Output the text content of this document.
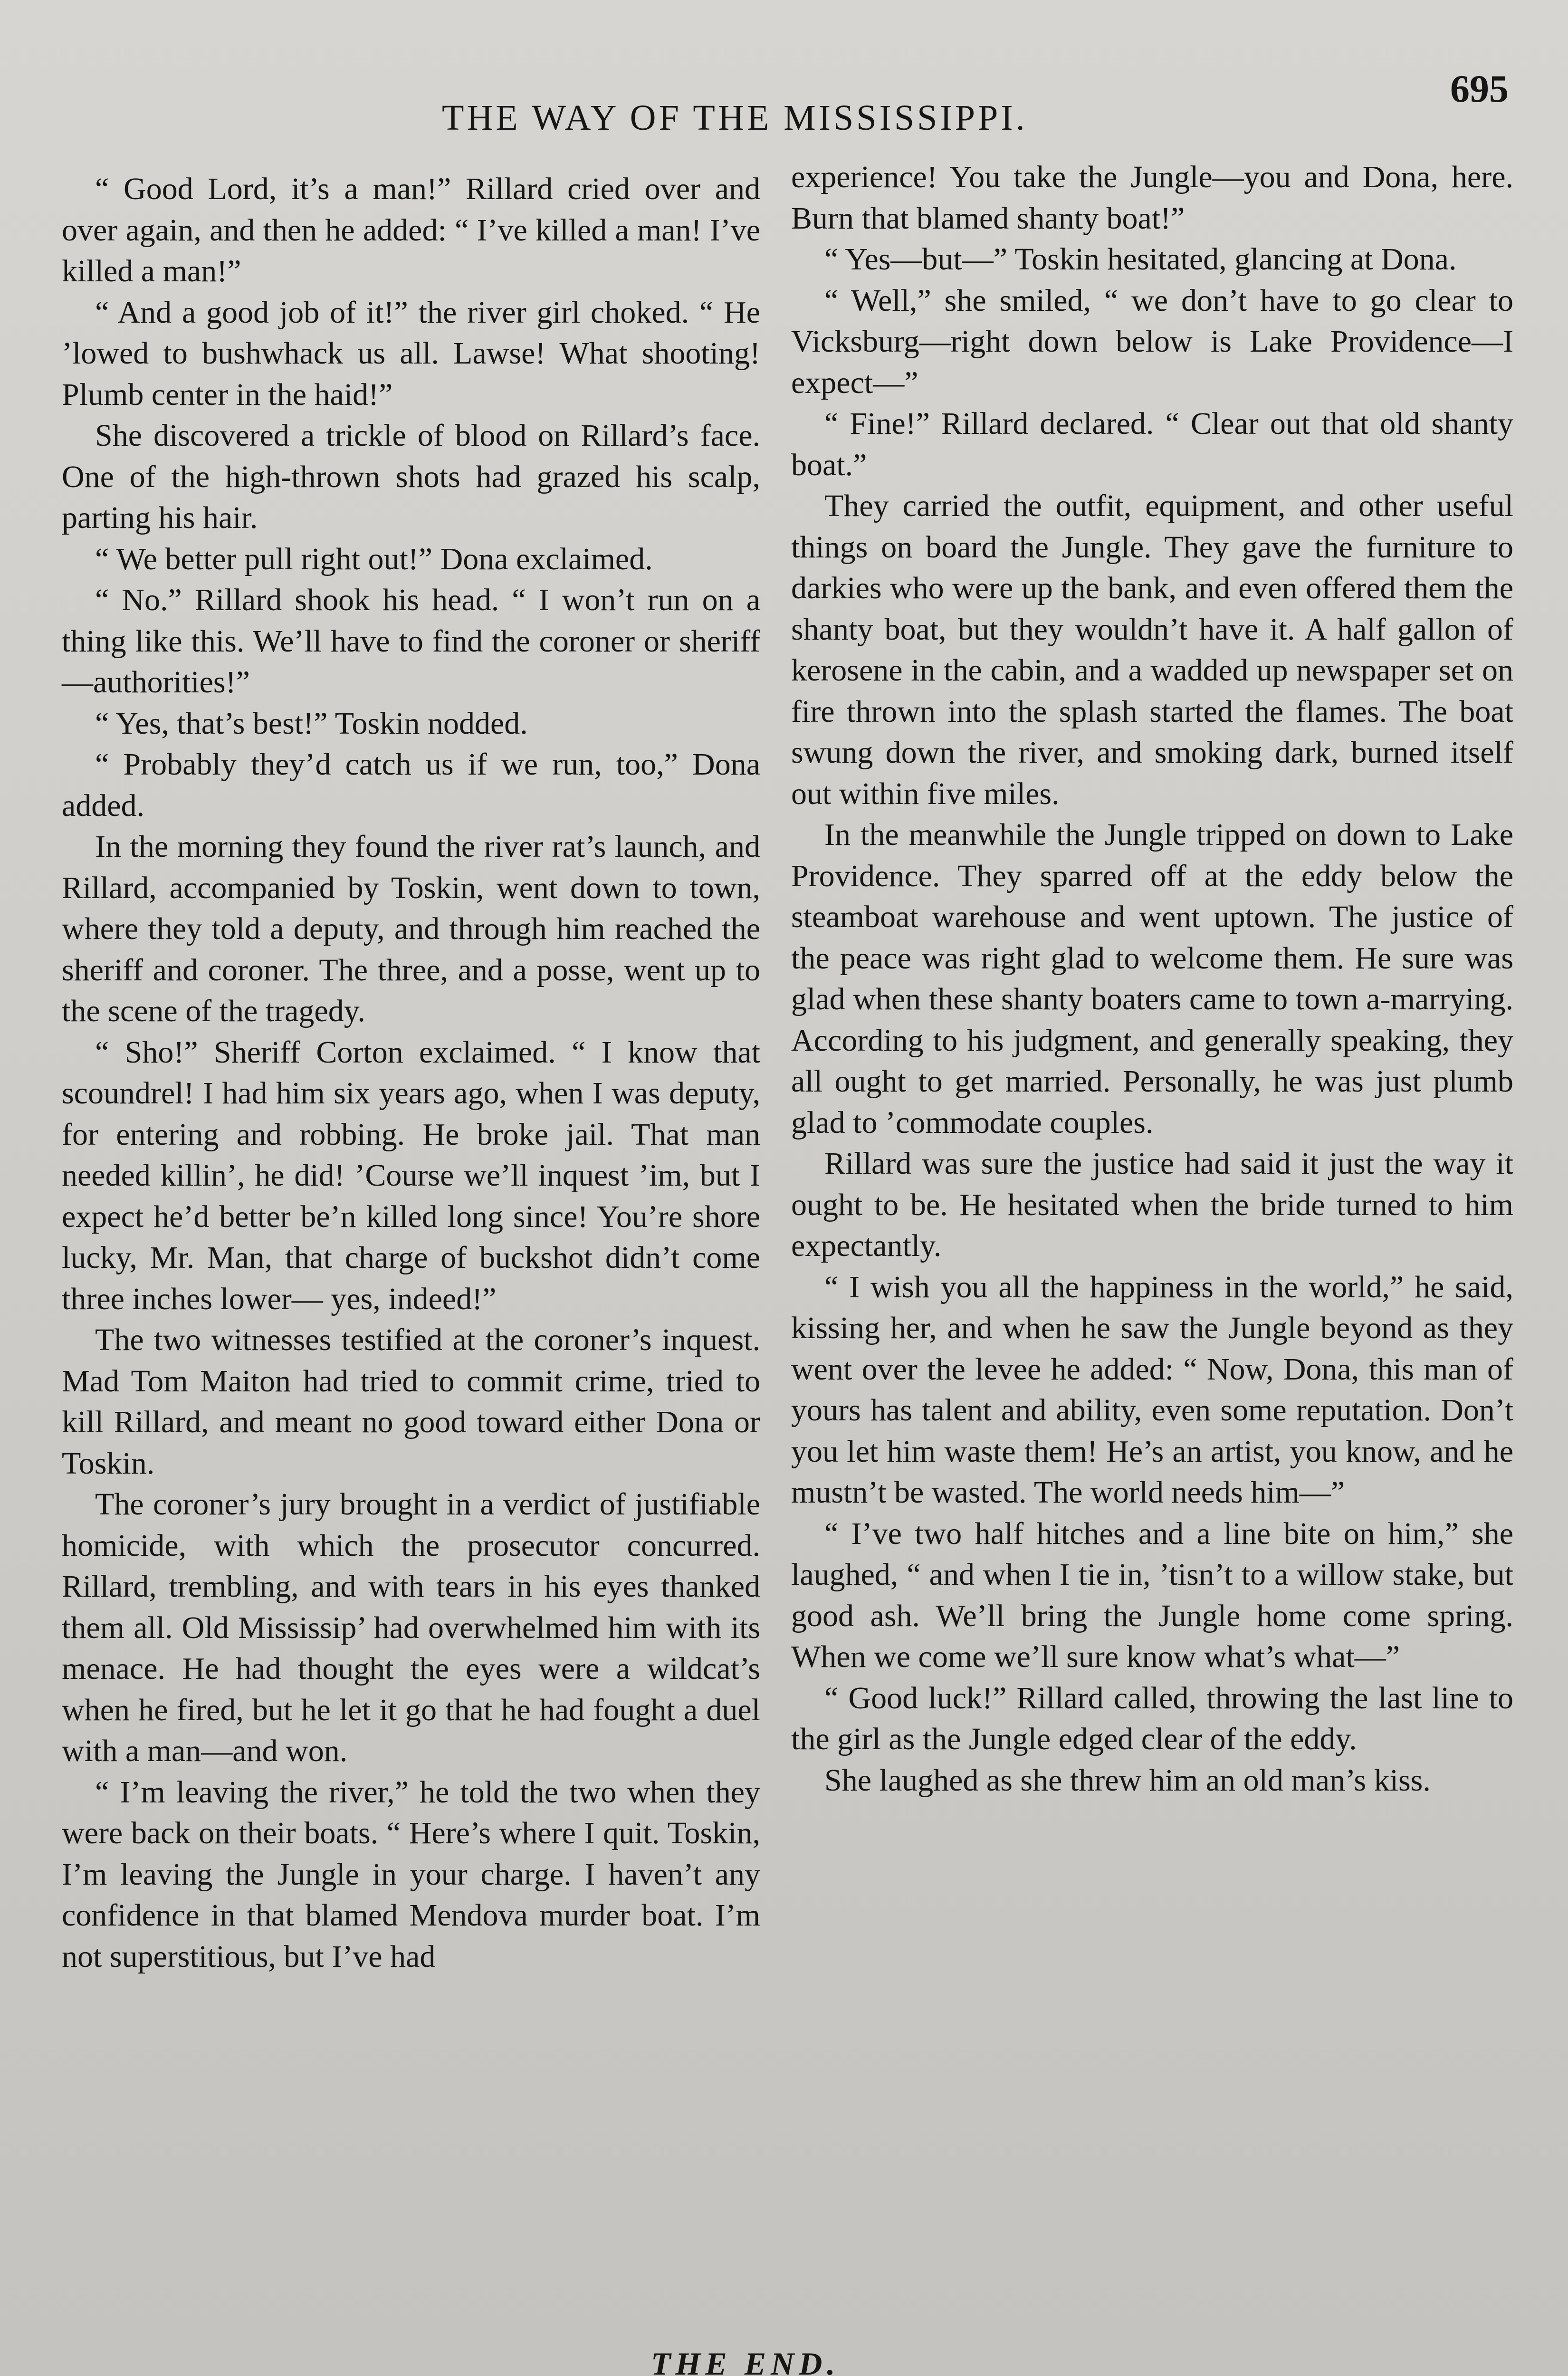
THE WAY OF THE MISSISSIPPI.
695

“ Good Lord, it’s a man!” Rillard cried over and over again, and then he added: “ I’ve killed a man! I’ve killed a man!”

“ And a good job of it!” the river girl choked. “ He ’lowed to bushwhack us all. Lawse! What shooting! Plumb center in the haid!”

She discovered a trickle of blood on Rillard’s face. One of the high-thrown shots had grazed his scalp, parting his hair.

“ We better pull right out!” Dona exclaimed.

“ No.” Rillard shook his head. “ I won’t run on a thing like this. We’ll have to find the coroner or sheriff—authorities!”

“ Yes, that’s best!” Toskin nodded.

“ Probably they’d catch us if we run, too,” Dona added.

In the morning they found the river rat’s launch, and Rillard, accompanied by Toskin, went down to town, where they told a deputy, and through him reached the sheriff and coroner. The three, and a posse, went up to the scene of the tragedy.

“ Sho!” Sheriff Corton exclaimed. “ I know that scoundrel! I had him six years ago, when I was deputy, for entering and robbing. He broke jail. That man needed killin’, he did! ’Course we’ll inquest ’im, but I expect he’d better be’n killed long since! You’re shore lucky, Mr. Man, that charge of buckshot didn’t come three inches lower— yes, indeed!”

The two witnesses testified at the coroner’s inquest. Mad Tom Maiton had tried to commit crime, tried to kill Rillard, and meant no good toward either Dona or Toskin.

The coroner’s jury brought in a verdict of justifiable homicide, with which the prosecutor concurred. Rillard, trembling, and with tears in his eyes thanked them all. Old Mississip’ had overwhelmed him with its menace. He had thought the eyes were a wildcat’s when he fired, but he let it go that he had fought a duel with a man—and won.

“ I’m leaving the river,” he told the two when they were back on their boats. “ Here’s where I quit. Toskin, I’m leaving the Jungle in your charge. I haven’t any confidence in that blamed Mendova murder boat. I’m not superstitious, but I’ve had

experience! You take the Jungle—you and Dona, here. Burn that blamed shanty boat!”

“ Yes—but—” Toskin hesitated, glancing at Dona.

“ Well,” she smiled, “ we don’t have to go clear to Vicksburg—right down below is Lake Providence—I expect—”

“ Fine!” Rillard declared. “ Clear out that old shanty boat.”

They carried the outfit, equipment, and other useful things on board the Jungle. They gave the furniture to darkies who were up the bank, and even offered them the shanty boat, but they wouldn’t have it. A half gallon of kerosene in the cabin, and a wadded up newspaper set on fire thrown into the splash started the flames. The boat swung down the river, and smoking dark, burned itself out within five miles.

In the meanwhile the Jungle tripped on down to Lake Providence. They sparred off at the eddy below the steamboat warehouse and went uptown. The justice of the peace was right glad to welcome them. He sure was glad when these shanty boaters came to town a-marrying. According to his judgment, and generally speaking, they all ought to get married. Personally, he was just plumb glad to ’commodate couples.

Rillard was sure the justice had said it just the way it ought to be. He hesitated when the bride turned to him expectantly.

“ I wish you all the happiness in the world,” he said, kissing her, and when he saw the Jungle beyond as they went over the levee he added: “ Now, Dona, this man of yours has talent and ability, even some reputation. Don’t you let him waste them! He’s an artist, you know, and he mustn’t be wasted. The world needs him—”

“ I’ve two half hitches and a line bite on him,” she laughed, “ and when I tie in, ’tisn’t to a willow stake, but good ash. We’ll bring the Jungle home come spring. When we come we’ll sure know what’s what—”

“ Good luck!” Rillard called, throwing the last line to the girl as the Jungle edged clear of the eddy.

She laughed as she threw him an old man’s kiss.

THE END.
